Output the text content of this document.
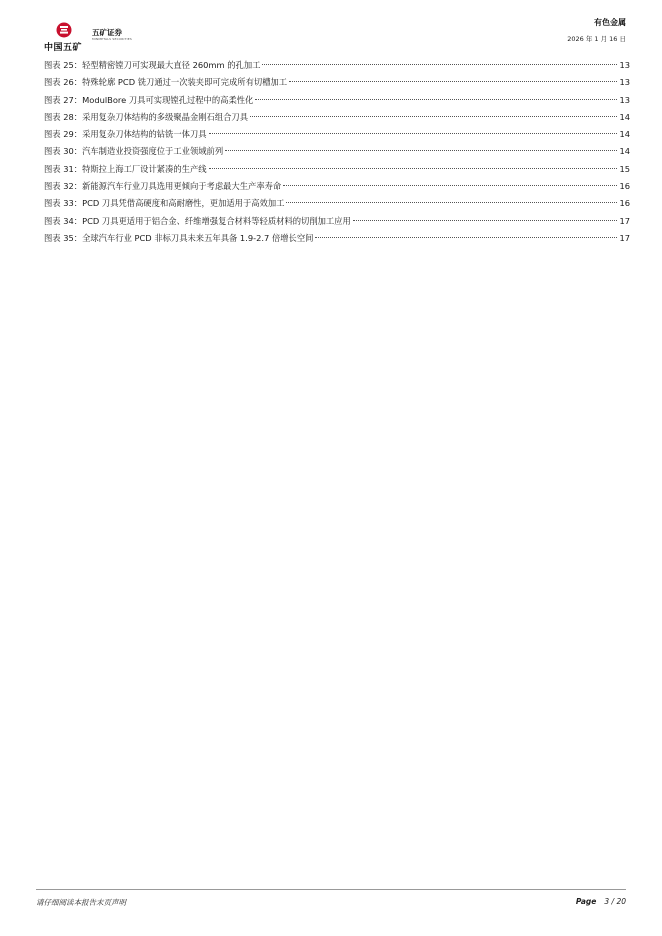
中国五矿
五矿证券
MINMETALS SECURITIES
有色金属
2026 年 1 月 16 日
图表 25：轻型精密镗刀可实现最大直径 260mm 的孔加工	13
图表 26：特殊轮廓 PCD 铣刀通过一次装夹即可完成所有切槽加工	13
图表 27：ModulBore 刀具可实现镗孔过程中的高柔性化	13
图表 28：采用复杂刀体结构的多级聚晶金刚石组合刀具	14
图表 29：采用复杂刀体结构的钻铣一体刀具	14
图表 30：汽车制造业投资强度位于工业领域前列	14
图表 31：特斯拉上海工厂设计紧凑的生产线	15
图表 32：新能源汽车行业刀具选用更倾向于考虑最大生产率寿命	16
图表 33：PCD 刀具凭借高硬度和高耐磨性，更加适用于高效加工	16
图表 34：PCD 刀具更适用于铝合金、纤维增强复合材料等轻质材料的切削加工应用	17
图表 35：全球汽车行业 PCD 非标刀具未来五年具备 1.9-2.7 倍增长空间	17
请仔细阅读本报告末页声明	Page 3 / 20
